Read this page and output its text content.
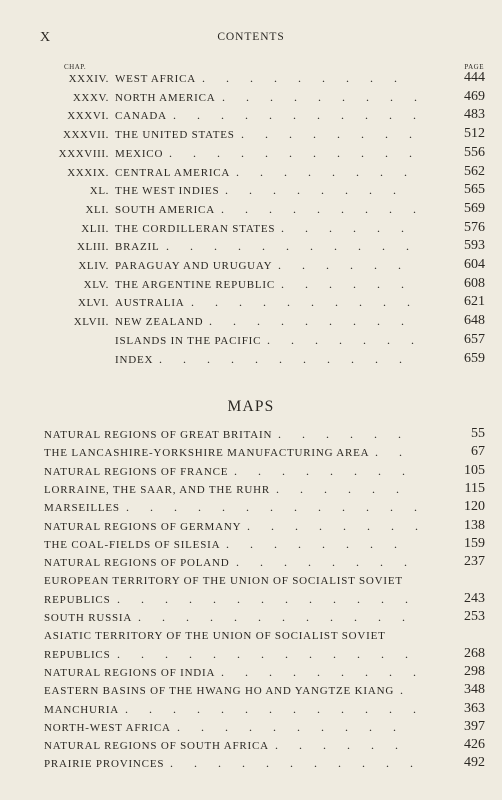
X	CONTENTS
CHAP.	PAGE
XXXIV. WEST AFRICA .........	444
XXXV. NORTH AMERICA ......... 469
XXXVI. CANADA ........... 483
XXXVII. THE UNITED STATES ........ 512
XXXVIII. MEXICO ........... 556
XXXIX. CENTRAL AMERICA ........	562
XL. THE WEST INDIES ........	565
XLI. SOUTH AMERICA ......... 569
XLII. THE CORDILLERAN STATES ......	576
XLIII. BRAZIL ........... 593
XLIV. PARAGUAY AND URUGUAY ......	604
XLV. THE ARGENTINE REPUBLIC ......	608
XLVI. AUSTRALIA .......... 621
XLVII. NEW ZEALAND .........	648
ISLANDS IN THE PACIFIC ....... 657
INDEX ...........	659
MAPS
NATURAL REGIONS OF GREAT BRITAIN ......	55
THE LANCASHIRE-YORKSHIRE MANUFACTURING AREA ..	67
NATURAL REGIONS OF FRANCE ........	105
LORRAINE, THE SAAR, AND THE RUHR ......	115
MARSEILLES ............. 120
NATURAL REGIONS OF GERMANY ........ 138
THE COAL-FIELDS OF SILESIA ........	159
NATURAL REGIONS OF POLAND ........	237
EUROPEAN TERRITORY OF THE UNION OF SOCIALIST SOVIET
REPUBLICS .............	243
SOUTH RUSSIA ............	253
ASIATIC TERRITORY OF THE UNION OF SOCIALIST SOVIET
REPUBLICS .............	268
NATURAL REGIONS OF INDIA ......... 298
EASTERN BASINS OF THE HWANG HO AND YANGTZE KIANG .	348
MANCHURIA ............. 363
NORTH-WEST AFRICA ..........	397
NATURAL REGIONS OF SOUTH AFRICA ......	426
PRAIRIE PROVINCES ........... 492
